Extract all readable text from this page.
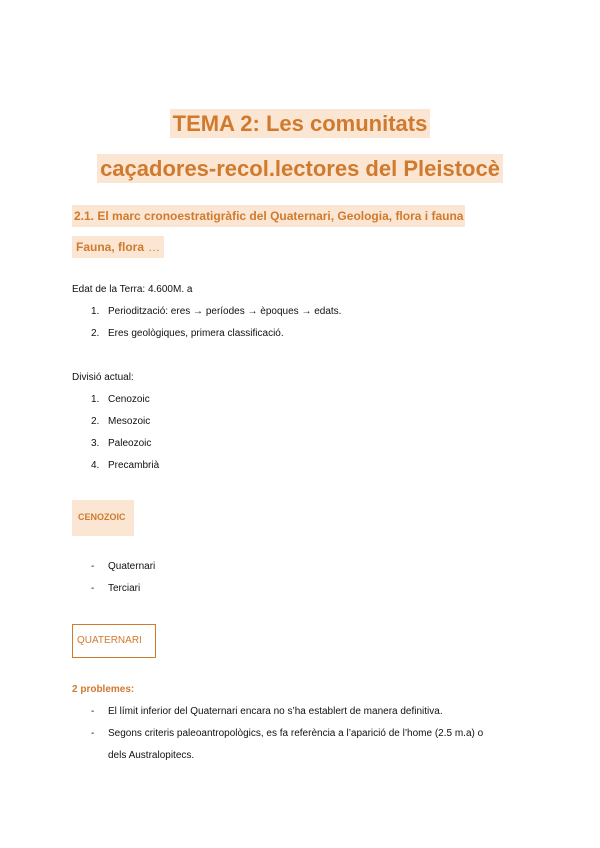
TEMA 2: Les comunitats
caçadores-recol.lectores del Pleistocè
2.1. El marc cronoestratigràfic del Quaternari, Geologia, flora i fauna
Fauna, flora …
Edat de la Terra: 4.600M. a
1. Periodització: eres → períodes → èpoques → edats.
2. Eres geològiques, primera classificació.
Divisió actual:
1. Cenozoic
2. Mesozoic
3. Paleozoic
4. Precambrià
CENOZOIC
- Quaternari
- Terciari
QUATERNARI
2 problemes:
- El límit inferior del Quaternari encara no s’ha establert de manera definitiva.
- Segons criteris paleoantropològics, es fa referència a l’aparició de l’home (2.5 m.a) o
dels Australopitecs.
